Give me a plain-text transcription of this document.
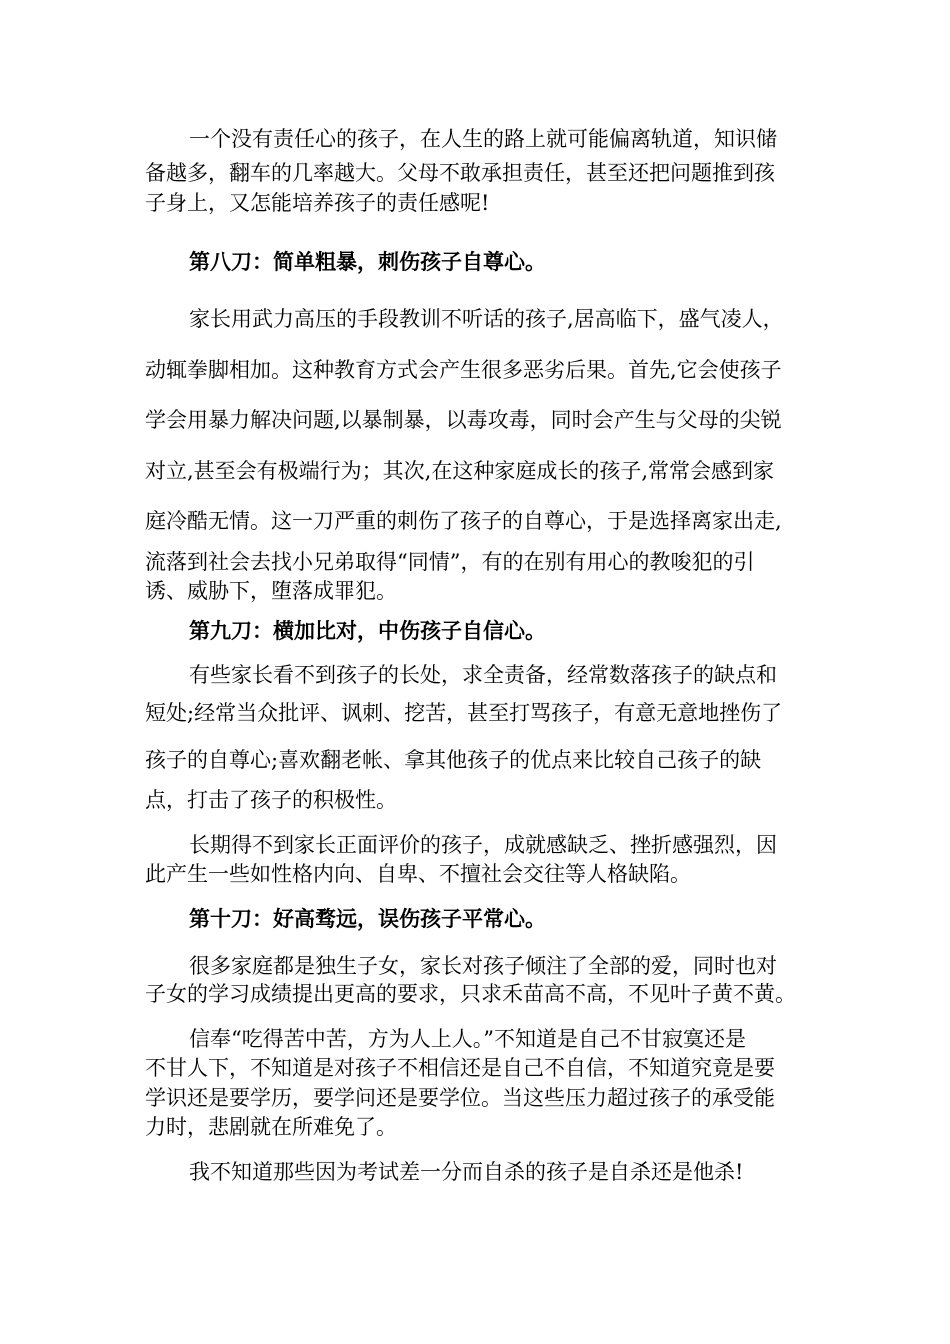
一个没有责任心的孩子，在人生的路上就可能偏离轨道，知识储
备越多，翻车的几率越大。父母不敢承担责任，甚至还把问题推到孩
子身上，又怎能培养孩子的责任感呢!
第八刀：简单粗暴，刺伤孩子自尊心。
家长用武力高压的手段教训不听话的孩子,居高临下，盛气凌人，
动辄拳脚相加。这种教育方式会产生很多恶劣后果。首先,它会使孩子
学会用暴力解决问题,以暴制暴，以毒攻毒，同时会产生与父母的尖锐
对立,甚至会有极端行为；其次,在这种家庭成长的孩子,常常会感到家
庭冷酷无情。这一刀严重的刺伤了孩子的自尊心，于是选择离家出走,
流落到社会去找小兄弟取得“同情”，有的在别有用心的教唆犯的引
诱、威胁下，堕落成罪犯。
第九刀：横加比对，中伤孩子自信心。
有些家长看不到孩子的长处，求全责备，经常数落孩子的缺点和
短处;经常当众批评、讽刺、挖苦，甚至打骂孩子，有意无意地挫伤了
孩子的自尊心;喜欢翻老帐、拿其他孩子的优点来比较自己孩子的缺
点，打击了孩子的积极性。
长期得不到家长正面评价的孩子，成就感缺乏、挫折感强烈，因
此产生一些如性格内向、自卑、不擅社会交往等人格缺陷。
第十刀：好高骛远，误伤孩子平常心。
很多家庭都是独生子女，家长对孩子倾注了全部的爱，同时也对
子女的学习成绩提出更高的要求，只求禾苗高不高，不见叶子黄不黄。
信奉“吃得苦中苦，方为人上人。”不知道是自己不甘寂寞还是
不甘人下，不知道是对孩子不相信还是自己不自信，不知道究竟是要
学识还是要学历，要学问还是要学位。当这些压力超过孩子的承受能
力时，悲剧就在所难免了。
我不知道那些因为考试差一分而自杀的孩子是自杀还是他杀!
